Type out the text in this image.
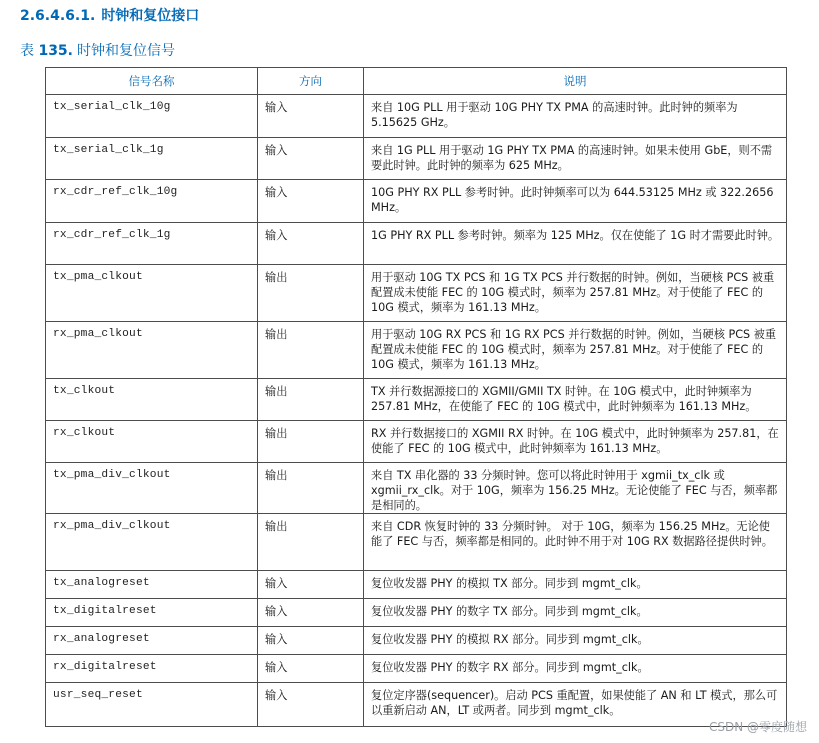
2.6.4.6.1. 时钟和复位接口
表 135. 时钟和复位信号
信号名称	方向	说明
tx_serial_clk_10g	输入	来自 10G PLL 用于驱动 10G PHY TX PMA 的高速时钟。此时钟的频率为 5.15625 GHz。
tx_serial_clk_1g	输入	来自 1G PLL 用于驱动 1G PHY TX PMA 的高速时钟。如果未使用 GbE，则不需要此时钟。此时钟的频率为 625 MHz。
rx_cdr_ref_clk_10g	输入	10G PHY RX PLL 参考时钟。此时钟频率可以为 644.53125 MHz 或 322.2656 MHz。
rx_cdr_ref_clk_1g	输入	1G PHY RX PLL 参考时钟。频率为 125 MHz。仅在使能了 1G 时才需要此时钟。
tx_pma_clkout	输出	用于驱动 10G TX PCS 和 1G TX PCS 并行数据的时钟。例如，当硬核 PCS 被重配置成未使能 FEC 的 10G 模式时，频率为 257.81 MHz。对于使能了 FEC 的 10G 模式，频率为 161.13 MHz。
rx_pma_clkout	输出	用于驱动 10G RX PCS 和 1G RX PCS 并行数据的时钟。例如，当硬核 PCS 被重配置成未使能 FEC 的 10G 模式时，频率为 257.81 MHz。对于使能了 FEC 的 10G 模式，频率为 161.13 MHz。
tx_clkout	输出	TX 并行数据源接口的 XGMII/GMII TX 时钟。在 10G 模式中，此时钟频率为 257.81 MHz，在使能了 FEC 的 10G 模式中，此时钟频率为 161.13 MHz。
rx_clkout	输出	RX 并行数据接口的 XGMII RX 时钟。在 10G 模式中，此时钟频率为 257.81，在使能了 FEC 的 10G 模式中，此时钟频率为 161.13 MHz。
tx_pma_div_clkout	输出	来自 TX 串化器的 33 分频时钟。您可以将此时钟用于 xgmii_tx_clk 或 xgmii_rx_clk。对于 10G，频率为 156.25 MHz。无论使能了 FEC 与否，频率都是相同的。
rx_pma_div_clkout	输出	来自 CDR 恢复时钟的 33 分频时钟。 对于 10G，频率为 156.25 MHz。无论使能了 FEC 与否，频率都是相同的。此时钟不用于对 10G RX 数据路径提供时钟。
tx_analogreset	输入	复位收发器 PHY 的模拟 TX 部分。同步到 mgmt_clk。
tx_digitalreset	输入	复位收发器 PHY 的数字 TX 部分。同步到 mgmt_clk。
rx_analogreset	输入	复位收发器 PHY 的模拟 RX 部分。同步到 mgmt_clk。
rx_digitalreset	输入	复位收发器 PHY 的数字 RX 部分。同步到 mgmt_clk。
usr_seq_reset	输入	复位定序器(sequencer)。启动 PCS 重配置，如果使能了 AN 和 LT 模式，那么可以重新启动 AN，LT 或两者。同步到 mgmt_clk。
CSDN @零度随想
